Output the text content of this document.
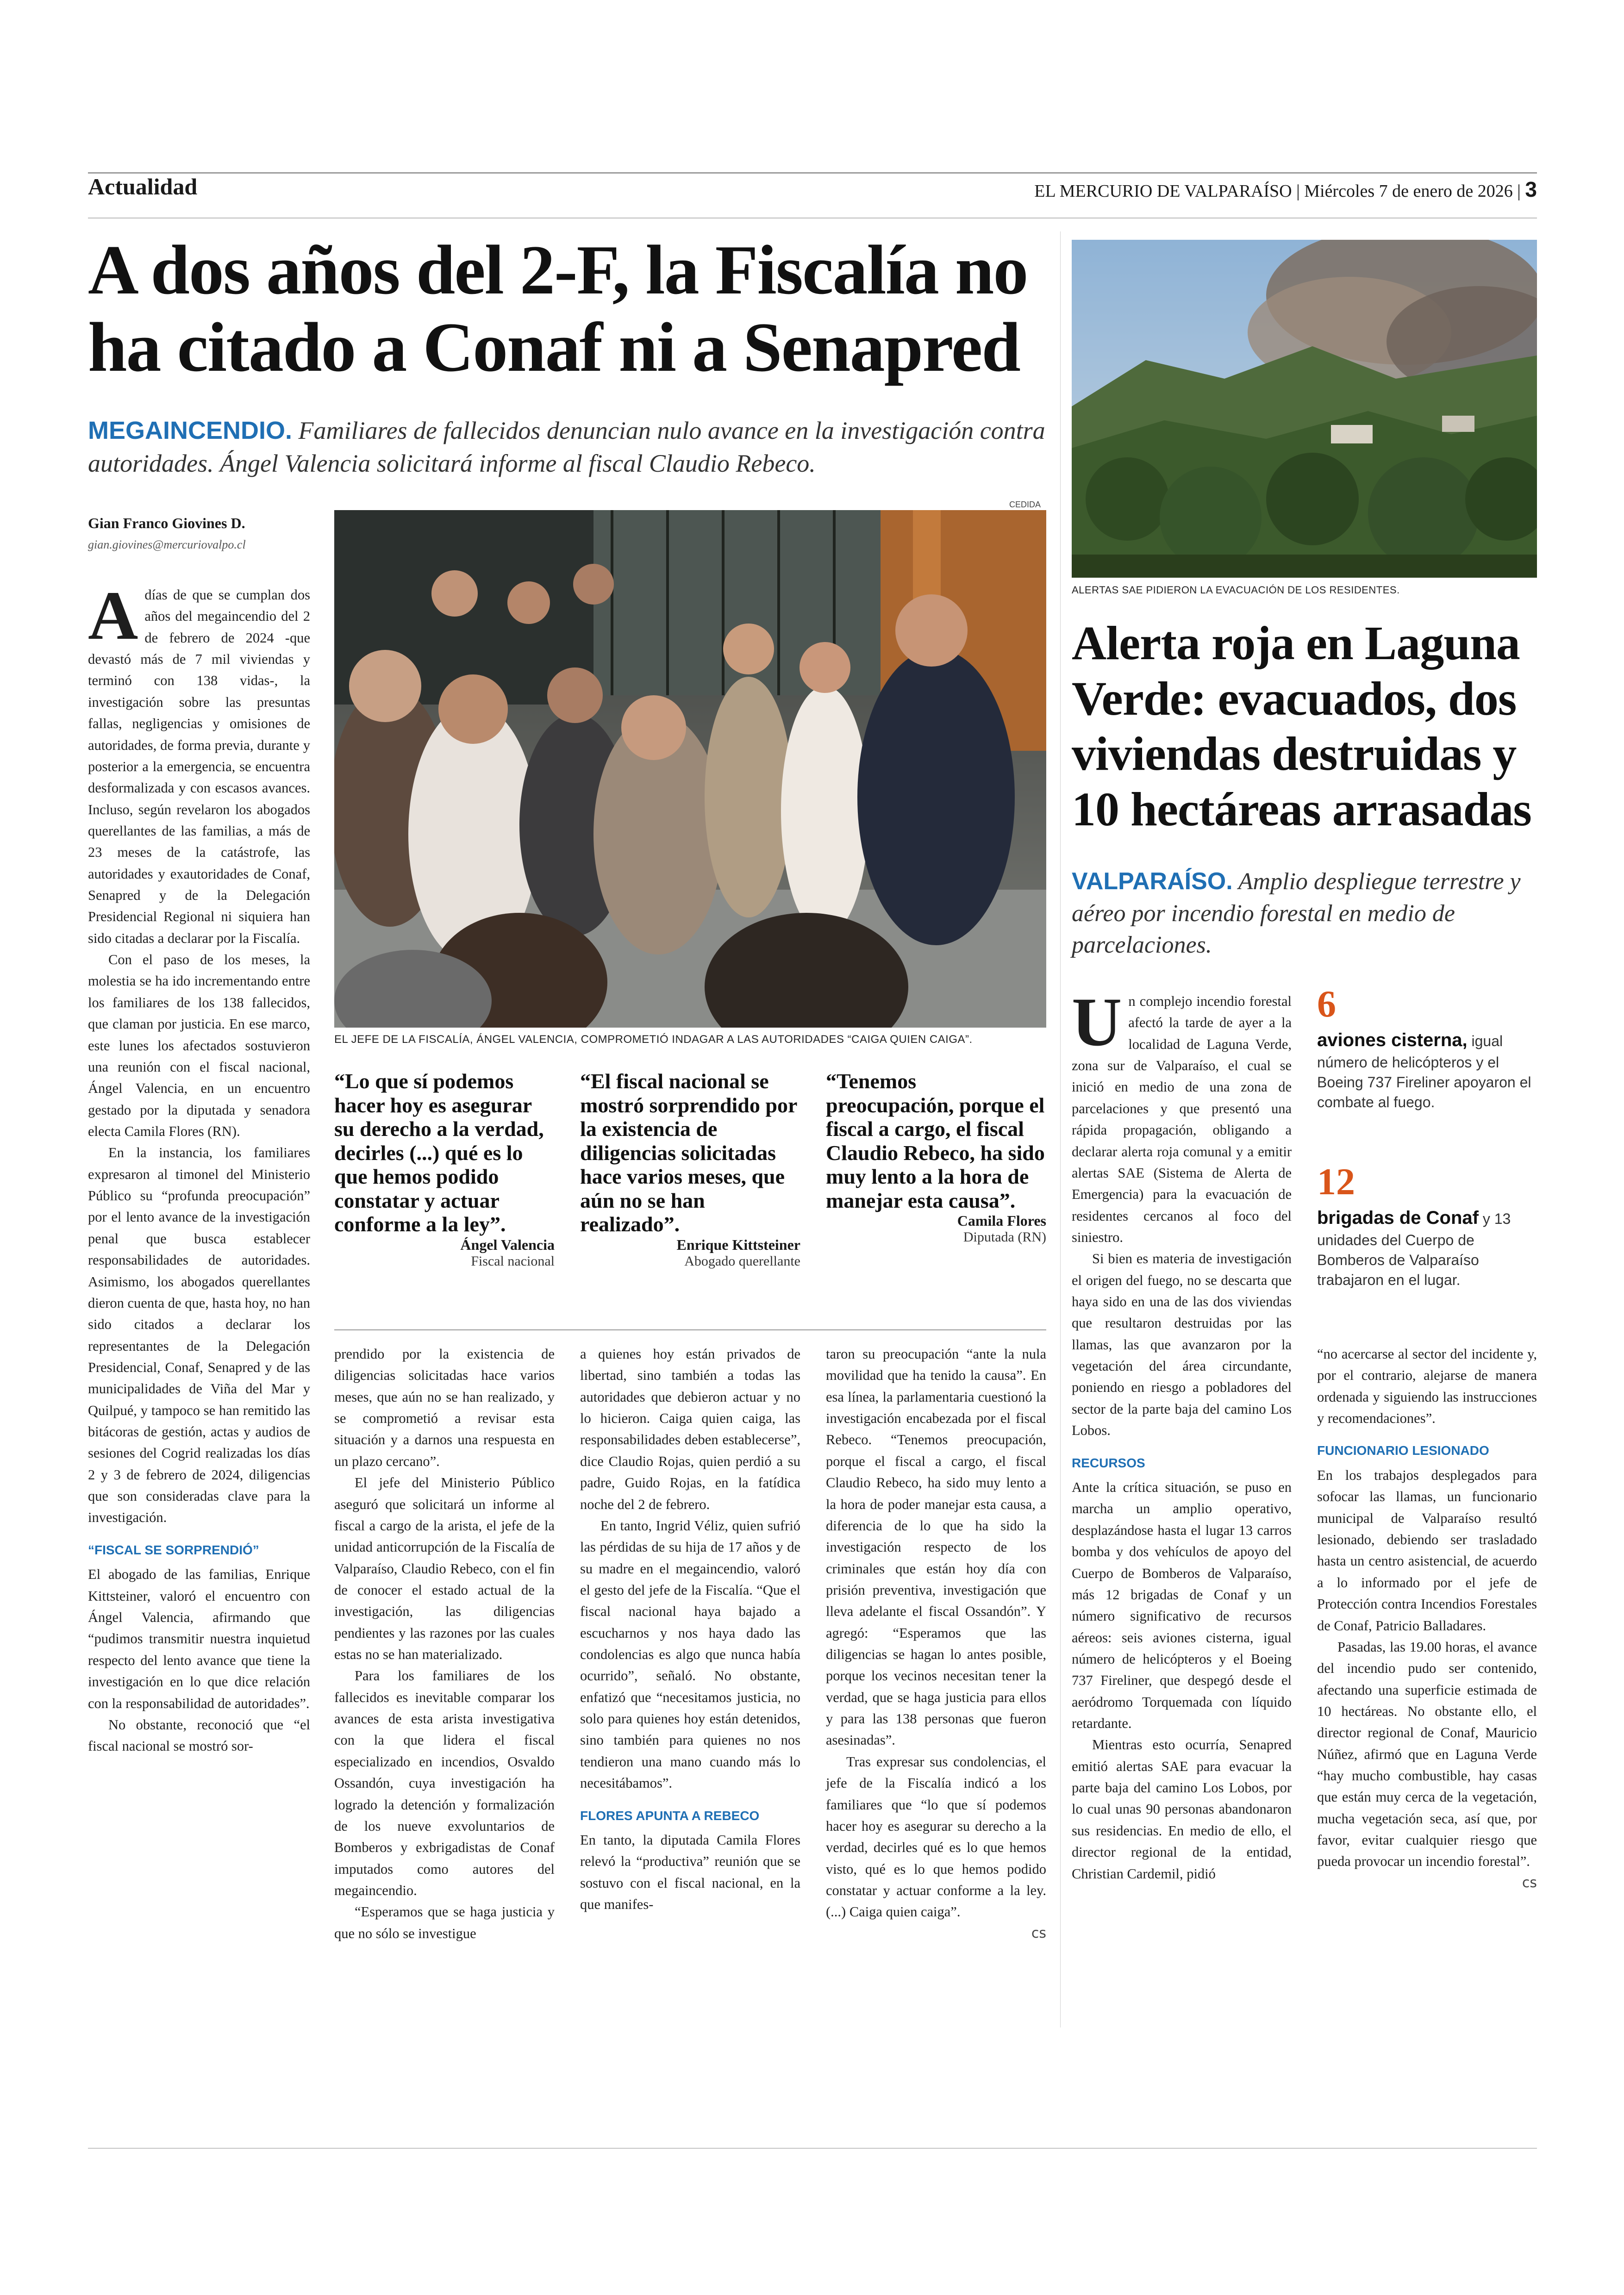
Actualidad	EL MERCURIO DE VALPARAÍSO | Miércoles 7 de enero de 2026 | 3
A dos años del 2-F, la Fiscalía no ha citado a Conaf ni a Senapred
MEGAINCENDIO. Familiares de fallecidos denuncian nulo avance en la investigación contra autoridades. Ángel Valencia solicitará informe al fiscal Claudio Rebeco.
Gian Franco Giovines D.
gian.giovines@mercuriovalpo.cl
CEDIDA
EL JEFE DE LA FISCALÍA, ÁNGEL VALENCIA, COMPROMETIÓ INDAGAR A LAS AUTORIDADES “CAIGA QUIEN CAIGA”.

Adías de que se cumplan dos años del megaincendio del 2 de febrero de 2024 -que devastó más de 7 mil viviendas y terminó con 138 vidas-, la investigación sobre las presuntas fallas, negligencias y omisiones de autoridades, de forma previa, durante y posterior a la emergencia, se encuentra desformalizada y con escasos avances. Incluso, según revelaron los abogados querellantes de las familias, a más de 23 meses de la catástrofe, las autoridades y exautoridades de Conaf, Senapred y de la Delegación Presidencial Regional ni siquiera han sido citadas a declarar por la Fiscalía.

Con el paso de los meses, la molestia se ha ido incrementando entre los familiares de los 138 fallecidos, que claman por justicia. En ese marco, este lunes los afectados sostuvieron una reunión con el fiscal nacional, Ángel Valencia, en un encuentro gestado por la diputada y senadora electa Camila Flores (RN).

En la instancia, los familiares expresaron al timonel del Ministerio Público su “profunda preocupación” por el lento avance de la investigación penal que busca establecer responsabilidades de autoridades. Asimismo, los abogados querellantes dieron cuenta de que, hasta hoy, no han sido citados a declarar los representantes de la Delegación Presidencial, Conaf, Senapred y de las municipalidades de Viña del Mar y Quilpué, y tampoco se han remitido las bitácoras de gestión, actas y audios de sesiones del Cogrid realizadas los días 2 y 3 de febrero de 2024, diligencias que son consideradas clave para la investigación.

“FISCAL SE SORPRENDIÓ”

El abogado de las familias, Enrique Kittsteiner, valoró el encuentro con Ángel Valencia, afirmando que “pudimos transmitir nuestra inquietud respecto del lento avance que tiene la investigación en lo que dice relación con la responsabilidad de autoridades”.

No obstante, reconoció que “el fiscal nacional se mostró sor-

“Lo que sí podemos hacer hoy es asegurar su derecho a la verdad, decirles (...) qué es lo que hemos podido constatar y actuar conforme a la ley”.
Ángel Valencia
Fiscal nacional
“El fiscal nacional se mostró sorprendido por la existencia de diligencias solicitadas hace varios meses, que aún no se han realizado”.
Enrique Kittsteiner
Abogado querellante
“Tenemos preocupación, porque el fiscal a cargo, el fiscal Claudio Rebeco, ha sido muy lento a la hora de manejar esta causa”.
Camila Flores
Diputada (RN)

prendido por la existencia de diligencias solicitadas hace varios meses, que aún no se han realizado, y se comprometió a revisar esta situación y a darnos una respuesta en un plazo cercano”.

El jefe del Ministerio Público aseguró que solicitará un informe al fiscal a cargo de la arista, el jefe de la unidad anticorrupción de la Fiscalía de Valparaíso, Claudio Rebeco, con el fin de conocer el estado actual de la investigación, las diligencias pendientes y las razones por las cuales estas no se han materializado.

Para los familiares de los fallecidos es inevitable comparar los avances de esta arista investigativa con la que lidera el fiscal especializado en incendios, Osvaldo Ossandón, cuya investigación ha logrado la detención y formalización de los nueve exvoluntarios de Bomberos y exbrigadistas de Conaf imputados como autores del megaincendio.

“Esperamos que se haga justicia y que no sólo se investigue

a quienes hoy están privados de libertad, sino también a todas las autoridades que debieron actuar y no lo hicieron. Caiga quien caiga, las responsabilidades deben establecerse”, dice Claudio Rojas, quien perdió a su padre, Guido Rojas, en la fatídica noche del 2 de febrero.

En tanto, Ingrid Véliz, quien sufrió las pérdidas de su hija de 17 años y de su madre en el megaincendio, valoró el gesto del jefe de la Fiscalía. “Que el fiscal nacional haya bajado a escucharnos y nos haya dado las condolencias es algo que nunca había ocurrido”, señaló. No obstante, enfatizó que “necesitamos justicia, no solo para quienes hoy están detenidos, sino también para quienes no nos tendieron una mano cuando más lo necesitábamos”.

FLORES APUNTA A REBECO

En tanto, la diputada Camila Flores relevó la “productiva” reunión que se sostuvo con el fiscal nacional, en la que manifes-

taron su preocupación “ante la nula movilidad que ha tenido la causa”. En esa línea, la parlamentaria cuestionó la investigación encabezada por el fiscal Rebeco. “Tenemos preocupación, porque el fiscal a cargo, el fiscal Claudio Rebeco, ha sido muy lento a la hora de poder manejar esta causa, a diferencia de lo que ha sido la investigación respecto de los criminales que están hoy día con prisión preventiva, investigación que lleva adelante el fiscal Ossandón”. Y agregó: “Esperamos que las diligencias se hagan lo antes posible, porque los vecinos necesitan tener la verdad, que se haga justicia para ellos y para las 138 personas que fueron asesinadas”.

Tras expresar sus condolencias, el jefe de la Fiscalía indicó a los familiares que “lo que sí podemos hacer hoy es asegurar su derecho a la verdad, decirles qué es lo que hemos visto, qué es lo que hemos podido constatar y actuar conforme a la ley. (...) Caiga quien caiga”.

ᴄs
ALERTAS SAE PIDIERON LA EVACUACIÓN DE LOS RESIDENTES.
Alerta roja en Laguna Verde: evacuados, dos viviendas destruidas y 10 hectáreas arrasadas
VALPARAÍSO. Amplio despliegue terrestre y aéreo por incendio forestal en medio de parcelaciones.

Un complejo incendio forestal afectó la tarde de ayer a la localidad de Laguna Verde, zona sur de Valparaíso, el cual se inició en medio de una zona de parcelaciones y que presentó una rápida propagación, obligando a declarar alerta roja comunal y a emitir alertas SAE (Sistema de Alerta de Emergencia) para la evacuación de residentes cercanos al foco del siniestro.

Si bien es materia de investigación el origen del fuego, no se descarta que haya sido en una de las dos viviendas que resultaron destruidas por las llamas, las que avanzaron por la vegetación del área circundante, poniendo en riesgo a pobladores del sector de la parte baja del camino Los Lobos.

RECURSOS

Ante la crítica situación, se puso en marcha un amplio operativo, desplazándose hasta el lugar 13 carros bomba y dos vehículos de apoyo del Cuerpo de Bomberos de Valparaíso, más 12 brigadas de Conaf y un número significativo de recursos aéreos: seis aviones cisterna, igual número de helicópteros y el Boeing 737 Fireliner, que despegó desde el aeródromo Torquemada con líquido retardante.

Mientras esto ocurría, Senapred emitió alertas SAE para evacuar la parte baja del camino Los Lobos, por lo cual unas 90 personas abandonaron sus residencias. En medio de ello, el director regional de la entidad, Christian Cardemil, pidió

6
aviones cisterna, igual número de helicópteros y el Boeing 737 Fireliner apoyaron el combate al fuego.
12
brigadas de Conaf y 13 unidades del Cuerpo de Bomberos de Valparaíso trabajaron en el lugar.

“no acercarse al sector del incidente y, por el contrario, alejarse de manera ordenada y siguiendo las instrucciones y recomendaciones”.

FUNCIONARIO LESIONADO

En los trabajos desplegados para sofocar las llamas, un funcionario municipal de Valparaíso resultó lesionado, debiendo ser trasladado hasta un centro asistencial, de acuerdo a lo informado por el jefe de Protección contra Incendios Forestales de Conaf, Patricio Balladares.

Pasadas, las 19.00 horas, el avance del incendio pudo ser contenido, afectando una superficie estimada de 10 hectáreas. No obstante ello, el director regional de Conaf, Mauricio Núñez, afirmó que en Laguna Verde “hay mucho combustible, hay casas que están muy cerca de la vegetación, mucha vegetación seca, así que, por favor, evitar cualquier riesgo que pueda provocar un incendio forestal”.

ᴄs
